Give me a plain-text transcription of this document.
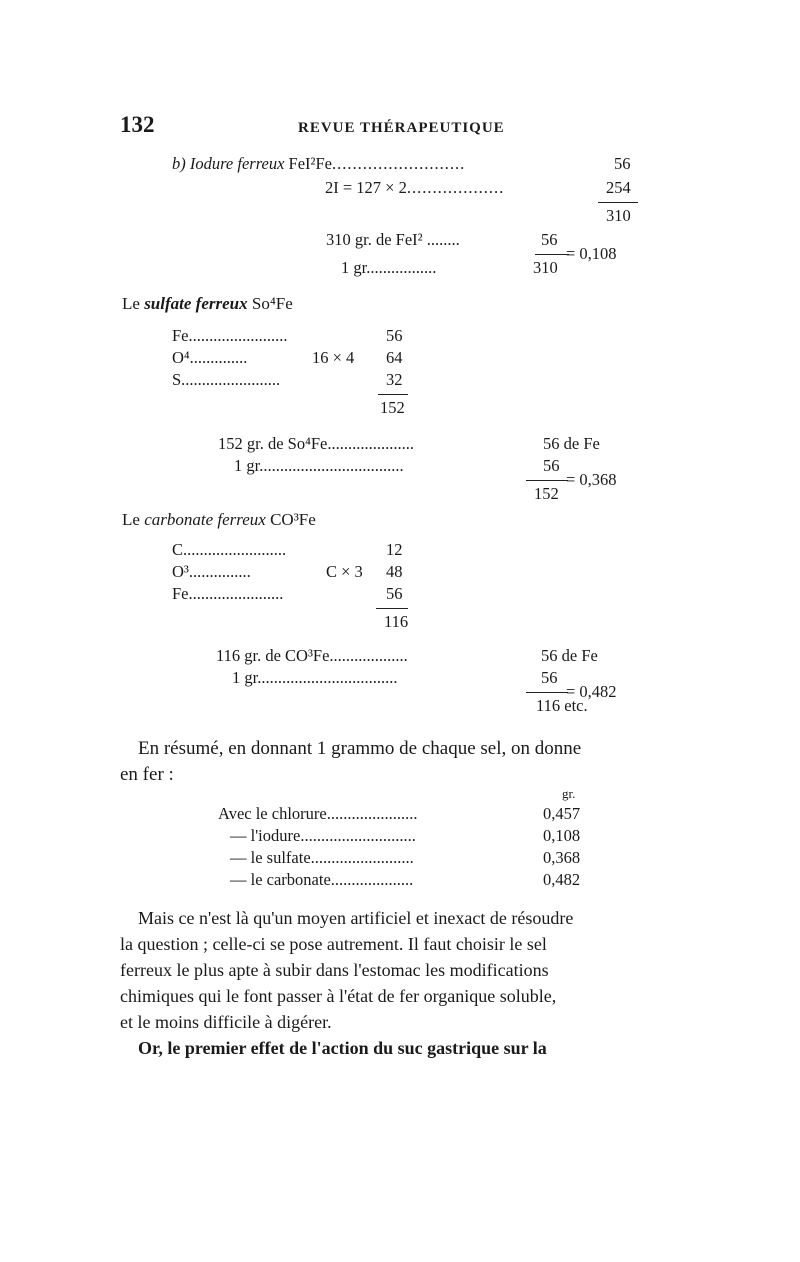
132	REVUE THÉRAPEUTIQUE
b) Iodure ferreux FeI²Fe..........................	56
2I = 127 × 2...................	254
310
310 gr. de FeI² ........	56
= 0,108
1 gr.................	310
Le sulfate ferreux So⁴Fe
Fe........................	56
O⁴..............	16 × 4 64
S........................	32
152
152 gr. de So⁴Fe.....................	56 de Fe
1 gr...................................	56
= 0,368
152
Le carbonate ferreux CO³Fe
C.........................	12
O³...............	C × 3 48
Fe.......................	56
116
116 gr. de CO³Fe...................	56 de Fe
1 gr..................................	56
= 0,482
116 etc.
En résumé, en donnant 1 grammo de chaque sel, on donne
en fer :
gr.
Avec le chlorure......................	0,457
— l'iodure............................	0,108
— le sulfate.........................	0,368
— le carbonate....................	0,482
Mais ce n'est là qu'un moyen artificiel et inexact de résoudre
la question ; celle-ci se pose autrement. Il faut choisir le sel
ferreux le plus apte à subir dans l'estomac les modifications
chimiques qui le font passer à l'état de fer organique soluble,
et le moins difficile à digérer.
Or, le premier effet de l'action du suc gastrique sur la
